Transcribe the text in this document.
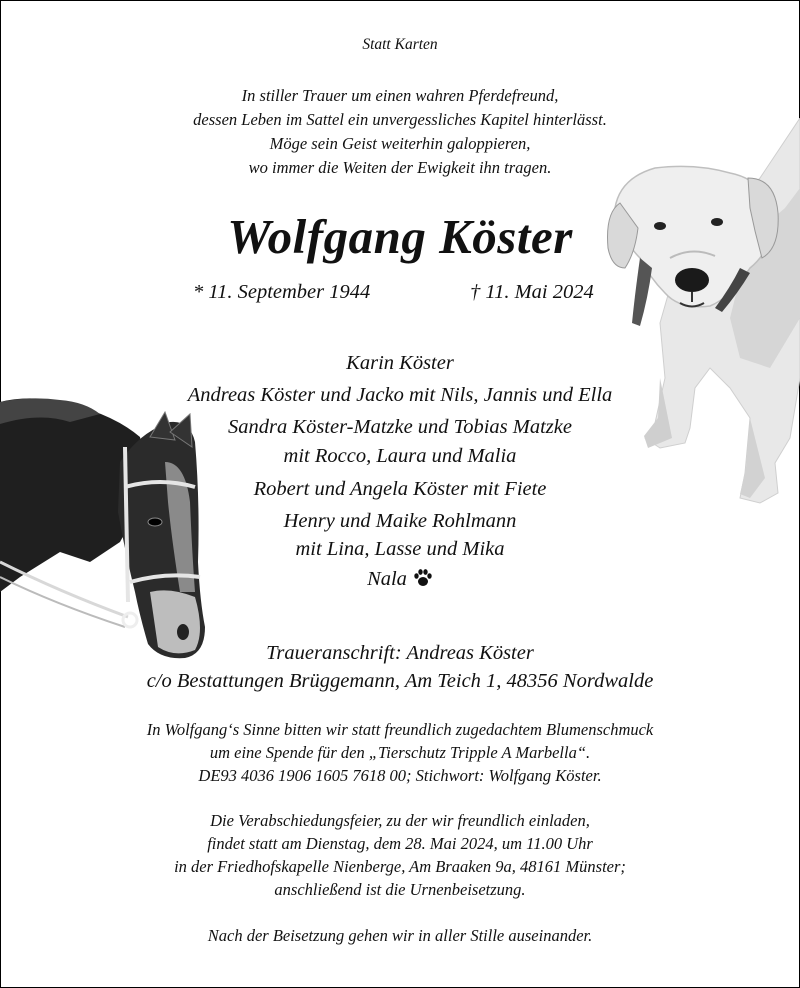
Statt Karten
In stiller Trauer um einen wahren Pferdefreund,
dessen Leben im Sattel ein unvergessliches Kapitel hinterlässt.
Möge sein Geist weiterhin galoppieren,
wo immer die Weiten der Ewigkeit ihn tragen.
Wolfgang Köster
* 11. September 1944	† 11. Mai 2024
Karin Köster
Andreas Köster und Jacko mit Nils, Jannis und Ella
Sandra Köster-Matzke und Tobias Matzke
mit Rocco, Laura und Malia
Robert und Angela Köster mit Fiete
Henry und Maike Rohlmann
mit Lina, Lasse und Mika
Nala
Traueranschrift: Andreas Köster
c/o Bestattungen Brüggemann, Am Teich 1, 48356 Nordwalde
In Wolfgang‘s Sinne bitten wir statt freundlich zugedachtem Blumenschmuck
um eine Spende für den „Tierschutz Tripple A Marbella“.
DE93 4036 1906 1605 7618 00; Stichwort: Wolfgang Köster.
Die Verabschiedungsfeier, zu der wir freundlich einladen,
findet statt am Dienstag, dem 28. Mai 2024, um 11.00 Uhr
in der Friedhofskapelle Nienberge, Am Braaken 9a, 48161 Münster;
anschließend ist die Urnenbeisetzung.
Nach der Beisetzung gehen wir in aller Stille auseinander.
